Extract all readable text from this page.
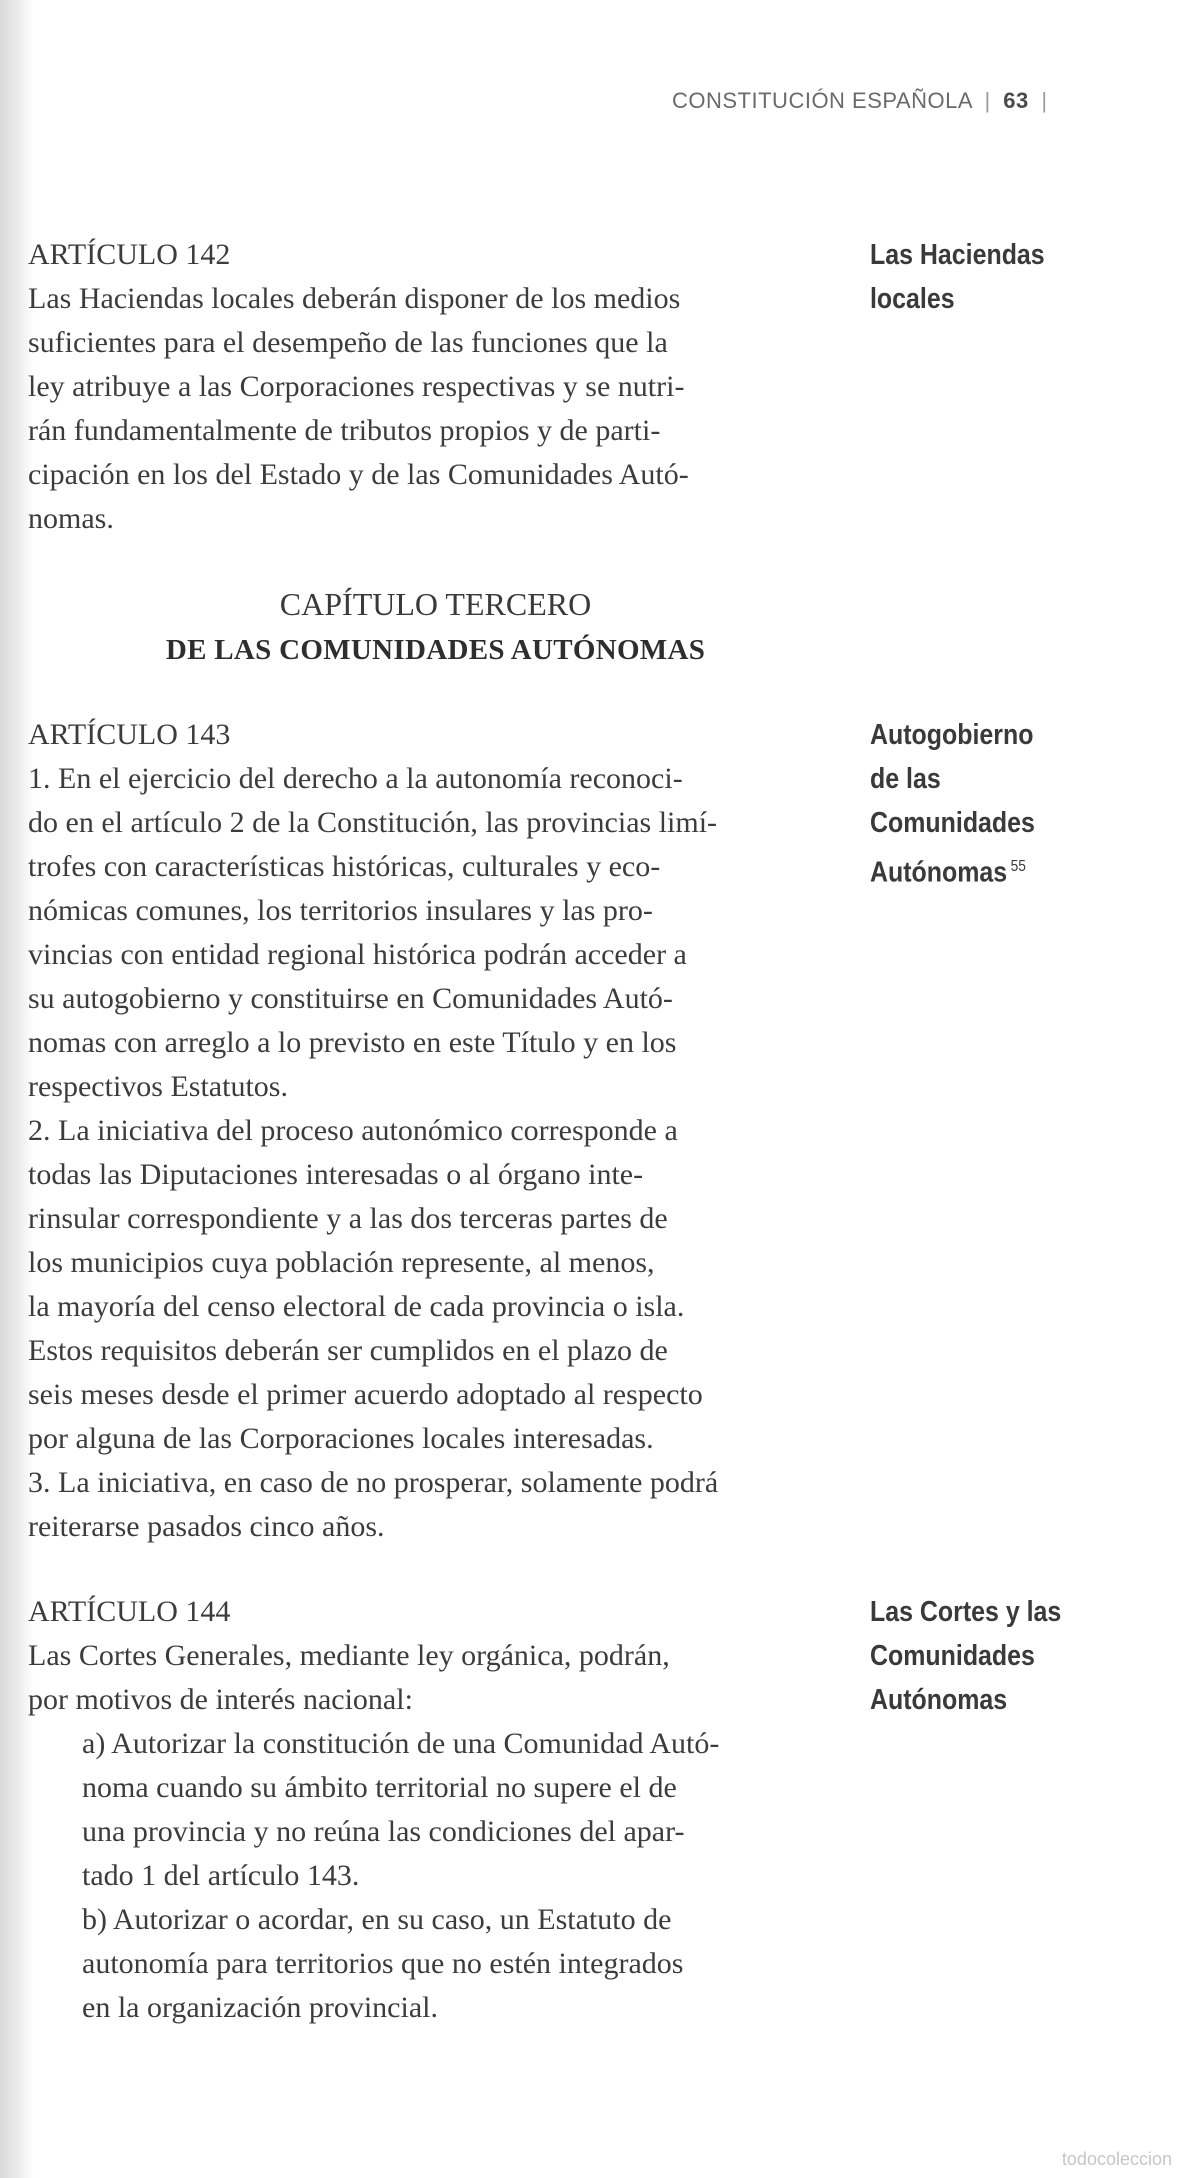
CONSTITUCIÓN ESPAÑOLA | 63 |
ARTÍCULO 142

Las Haciendas locales deberán disponer de los medios

suficientes para el desempeño de las funciones que la

ley atribuye a las Corporaciones respectivas y se nutri-

rán fundamentalmente de tributos propios y de parti-

cipación en los del Estado y de las Comunidades Autó-

nomas.

Las Haciendas
locales
CAPÍTULO TERCERO
DE LAS COMUNIDADES AUTÓNOMAS
ARTÍCULO 143

1. En el ejercicio del derecho a la autonomía reconoci-

do en el artículo 2 de la Constitución, las provincias limí-

trofes con características históricas, culturales y eco-

nómicas comunes, los territorios insulares y las pro-

vincias con entidad regional histórica podrán acceder a

su autogobierno y constituirse en Comunidades Autó-

nomas con arreglo a lo previsto en este Título y en los

respectivos Estatutos.

2. La iniciativa del proceso autonómico corresponde a

todas las Diputaciones interesadas o al órgano inte-

rinsular correspondiente y a las dos terceras partes de

los municipios cuya población represente, al menos,

la mayoría del censo electoral de cada provincia o isla.

Estos requisitos deberán ser cumplidos en el plazo de

seis meses desde el primer acuerdo adoptado al respecto

por alguna de las Corporaciones locales interesadas.

3. La iniciativa, en caso de no prosperar, solamente podrá

reiterarse pasados cinco años.

Autogobierno
de las
Comunidades
Autónomas $^{55}$
ARTÍCULO 144

Las Cortes Generales, mediante ley orgánica, podrán,

por motivos de interés nacional:

a) Autorizar la constitución de una Comunidad Autó-

noma cuando su ámbito territorial no supere el de

una provincia y no reúna las condiciones del apar-

tado 1 del artículo 143.

b) Autorizar o acordar, en su caso, un Estatuto de

autonomía para territorios que no estén integrados

en la organización provincial.

Las Cortes y las
Comunidades
Autónomas
todocoleccion
